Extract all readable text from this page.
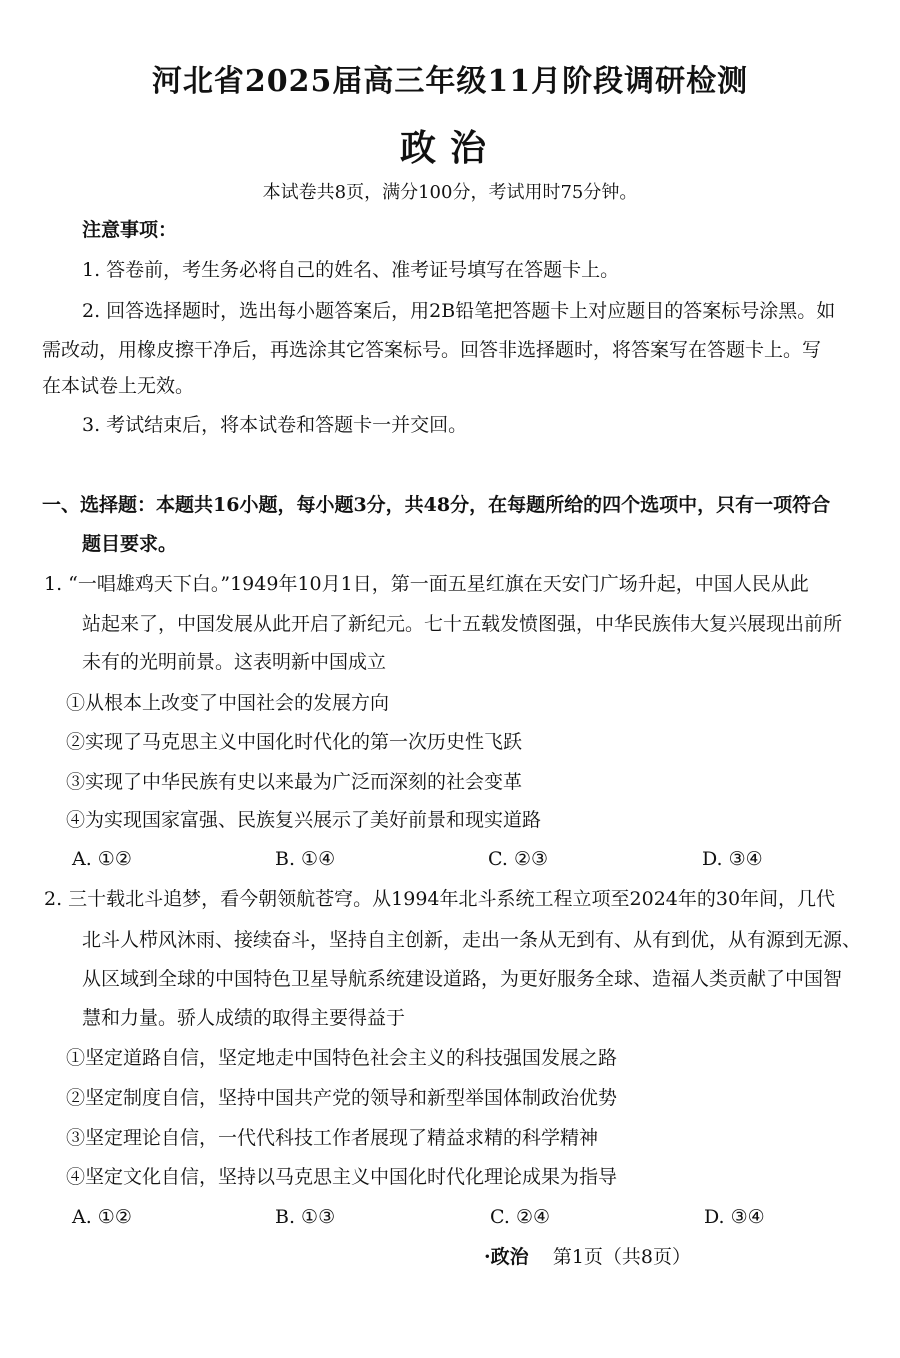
河北省2025届高三年级11月阶段调研检测
政治
本试卷共8页，满分100分，考试用时75分钟。
注意事项：
1. 答卷前，考生务必将自己的姓名、准考证号填写在答题卡上。
2. 回答选择题时，选出每小题答案后，用2B铅笔把答题卡上对应题目的答案标号涂黑。如
需改动，用橡皮擦干净后，再选涂其它答案标号。回答非选择题时，将答案写在答题卡上。写
在本试卷上无效。
3. 考试结束后，将本试卷和答题卡一并交回。
一、选择题：本题共16小题，每小题3分，共48分，在每题所给的四个选项中，只有一项符合
题目要求。
1. “一唱雄鸡天下白。”1949年10月1日，第一面五星红旗在天安门广场升起，中国人民从此
站起来了，中国发展从此开启了新纪元。七十五载发愤图强，中华民族伟大复兴展现出前所
未有的光明前景。这表明新中国成立
①从根本上改变了中国社会的发展方向
②实现了马克思主义中国化时代化的第一次历史性飞跃
③实现了中华民族有史以来最为广泛而深刻的社会变革
④为实现国家富强、民族复兴展示了美好前景和现实道路
A. ①②	B. ①④	C. ②③	D. ③④
2. 三十载北斗追梦，看今朝领航苍穹。从1994年北斗系统工程立项至2024年的30年间，几代
北斗人栉风沐雨、接续奋斗，坚持自主创新，走出一条从无到有、从有到优，从有源到无源、
从区域到全球的中国特色卫星导航系统建设道路，为更好服务全球、造福人类贡献了中国智
慧和力量。骄人成绩的取得主要得益于
①坚定道路自信，坚定地走中国特色社会主义的科技强国发展之路
②坚定制度自信，坚持中国共产党的领导和新型举国体制政治优势
③坚定理论自信，一代代科技工作者展现了精益求精的科学精神
④坚定文化自信，坚持以马克思主义中国化时代化理论成果为指导
A. ①②	B. ①③	C. ②④	D. ③④
·政治 第1页（共8页）
